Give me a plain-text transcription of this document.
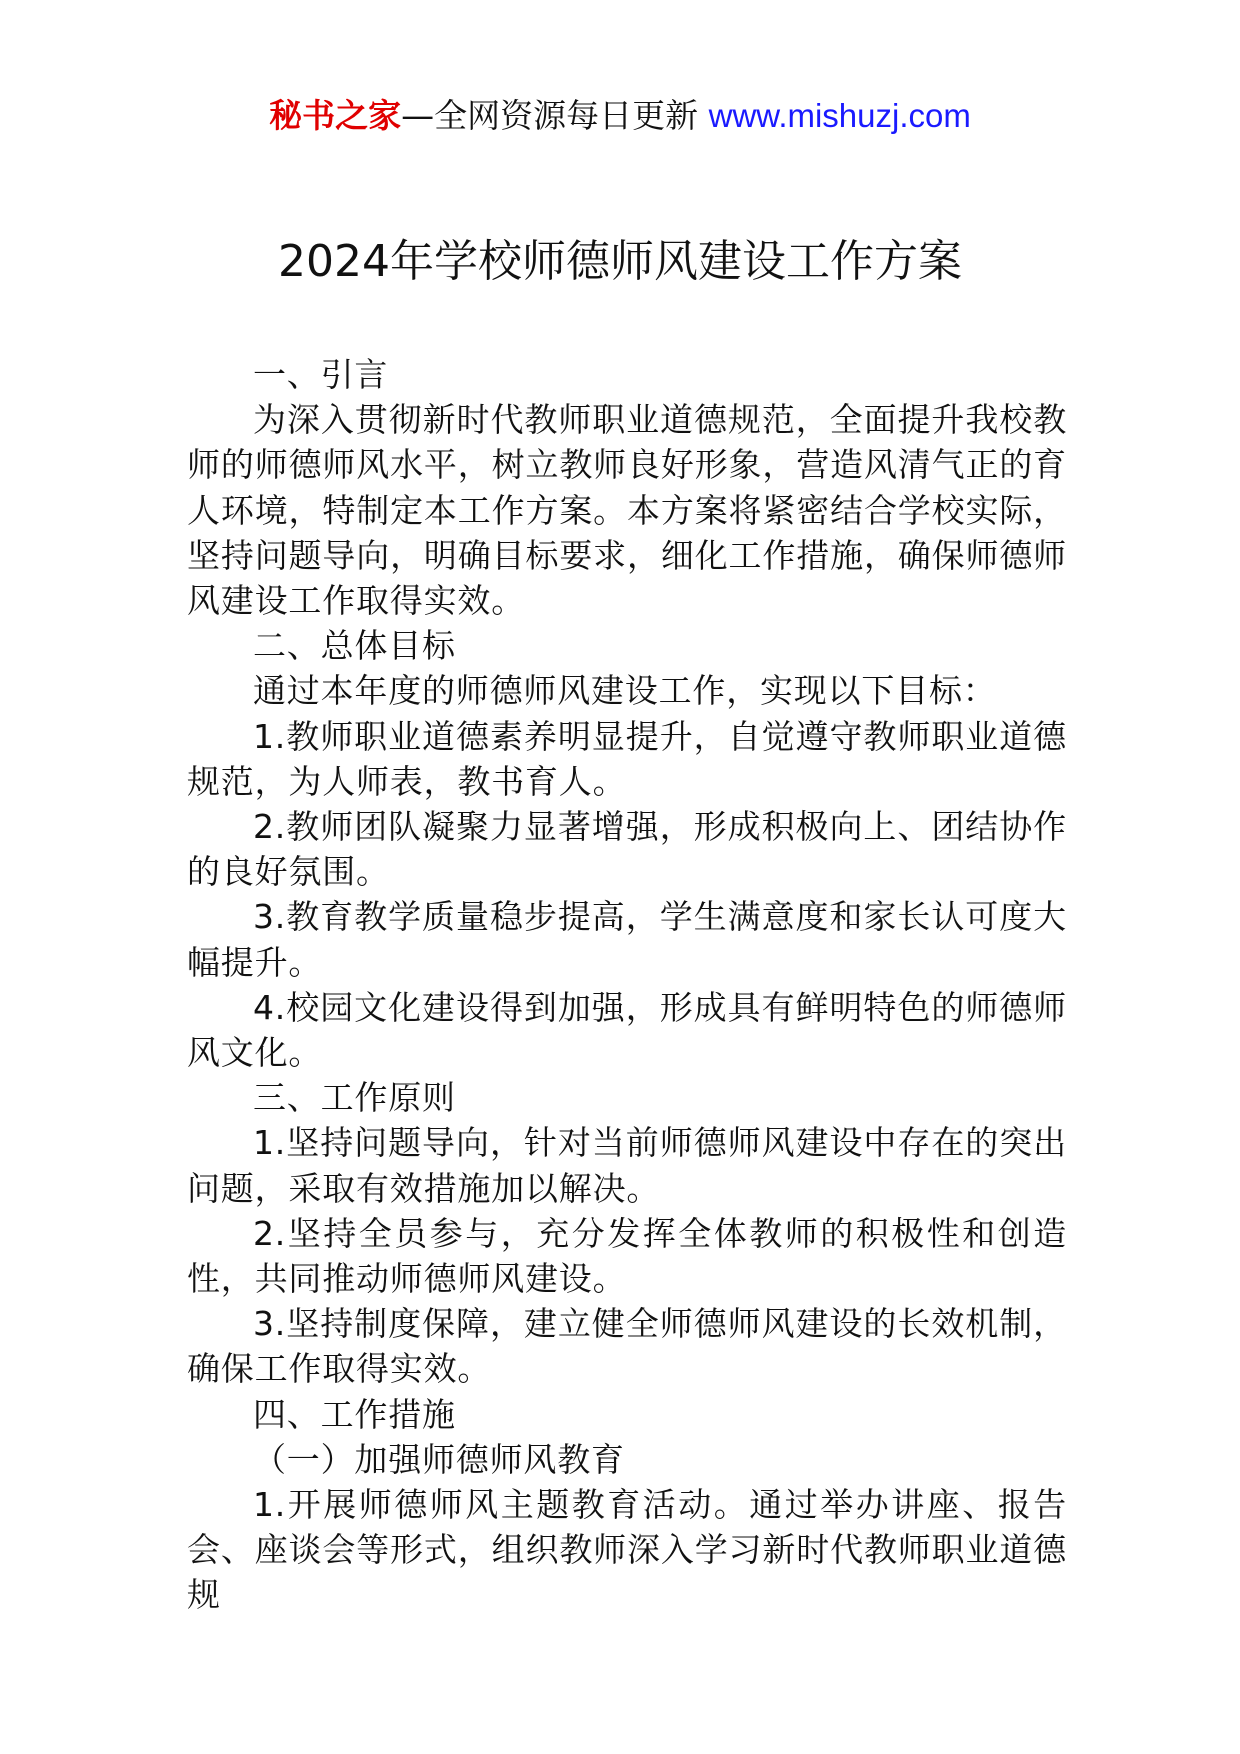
秘书之家—全网资源每日更新 www.mishuzj.com
2024年学校师德师风建设工作方案

一、引言

为深入贯彻新时代教师职业道德规范，全面提升我校教师的师德师风水平，树立教师良好形象，营造风清气正的育人环境，特制定本工作方案。本方案将紧密结合学校实际，坚持问题导向，明确目标要求，细化工作措施，确保师德师风建设工作取得实效。

二、总体目标

通过本年度的师德师风建设工作，实现以下目标：

1.教师职业道德素养明显提升，自觉遵守教师职业道德规范，为人师表，教书育人。

2.教师团队凝聚力显著增强，形成积极向上、团结协作的良好氛围。

3.教育教学质量稳步提高，学生满意度和家长认可度大幅提升。

4.校园文化建设得到加强，形成具有鲜明特色的师德师风文化。

三、工作原则

1.坚持问题导向，针对当前师德师风建设中存在的突出问题，采取有效措施加以解决。

2.坚持全员参与，充分发挥全体教师的积极性和创造性，共同推动师德师风建设。

3.坚持制度保障，建立健全师德师风建设的长效机制，确保工作取得实效。

四、工作措施

（一）加强师德师风教育

1.开展师德师风主题教育活动。通过举办讲座、报告会、座谈会等形式，组织教师深入学习新时代教师职业道德规
